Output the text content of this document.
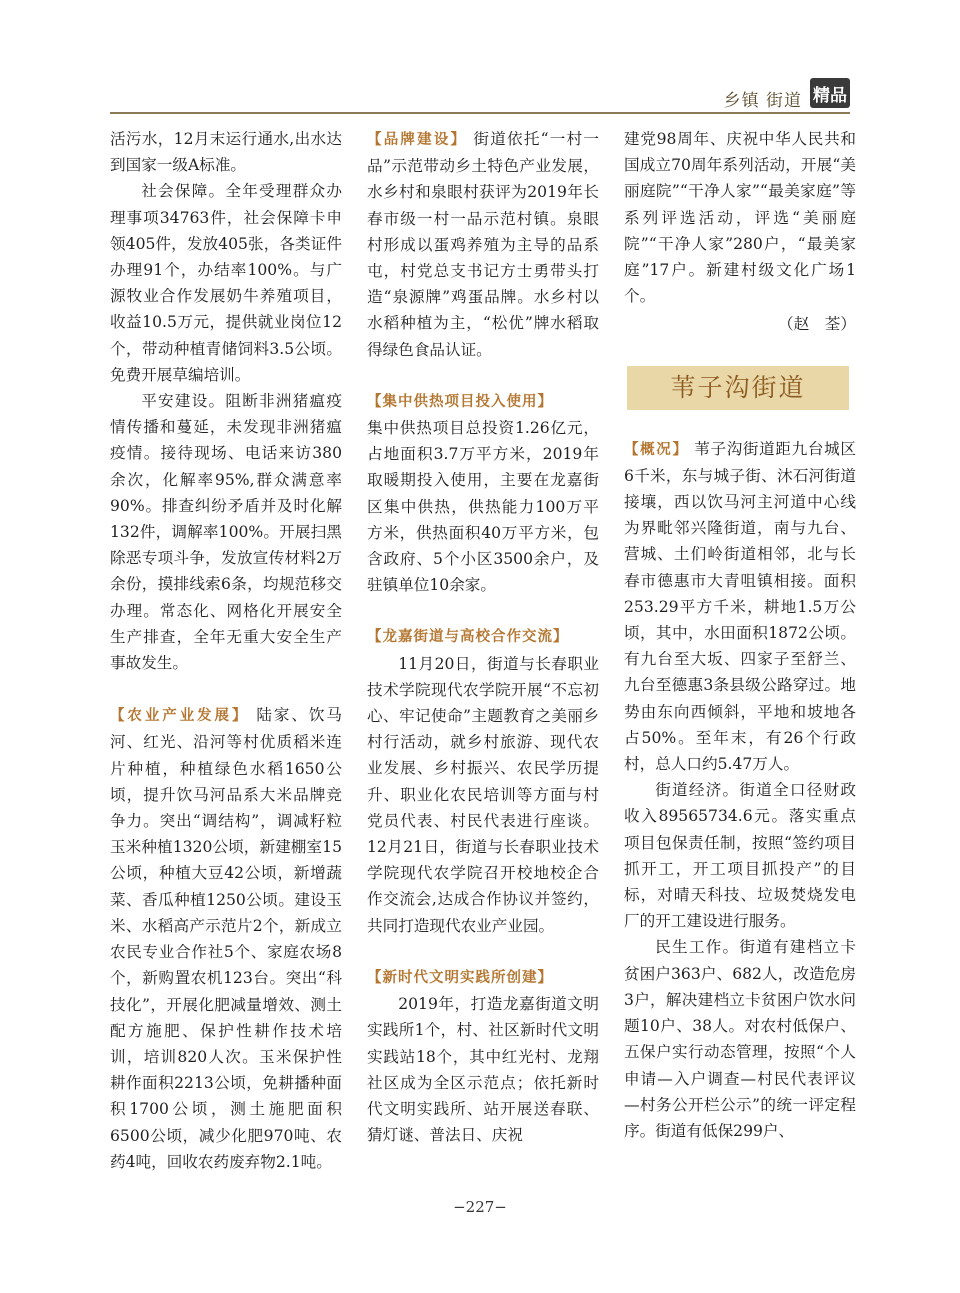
乡镇 街道 精品

活污水，12月末运行通水,出水达到国家一级A标准。

社会保障。全年受理群众办理事项34763件，社会保障卡申领405件，发放405张，各类证件办理91个，办结率100%。与广源牧业合作发展奶牛养殖项目，收益10.5万元，提供就业岗位12个，带动种植青储饲料3.5公顷。免费开展草编培训。

平安建设。阻断非洲猪瘟疫情传播和蔓延，未发现非洲猪瘟疫情。接待现场、电话来访380余次，化解率95%,群众满意率90%。排查纠纷矛盾并及时化解132件，调解率100%。开展扫黑除恶专项斗争，发放宣传材料2万余份，摸排线索6条，均规范移交办理。常态化、网格化开展安全生产排查，全年无重大安全生产事故发生。

【农业产业发展】 陆家、饮马河、红光、沿河等村优质稻米连片种植，种植绿色水稻1650公顷，提升饮马河品系大米品牌竞争力。突出“调结构”，调减籽粒玉米种植1320公顷，新建棚室15公顷，种植大豆42公顷，新增蔬菜、香瓜种植1250公顷。建设玉米、水稻高产示范片2个，新成立农民专业合作社5个、家庭农场8个，新购置农机123台。突出“科技化”，开展化肥减量增效、测土配方施肥、保护性耕作技术培训，培训820人次。玉米保护性耕作面积2213公顷，免耕播种面积1700公顷，测土施肥面积6500公顷，减少化肥970吨、农药4吨，回收农药废弃物2.1吨。

【品牌建设】 街道依托“一村一品”示范带动乡土特色产业发展，水乡村和泉眼村获评为2019年长春市级一村一品示范村镇。泉眼村形成以蛋鸡养殖为主导的品系屯，村党总支书记方士勇带头打造“泉源牌”鸡蛋品牌。水乡村以水稻种植为主，“松优”牌水稻取得绿色食品认证。

【集中供热项目投入使用】

集中供热项目总投资1.26亿元，占地面积3.7万平方米，2019年取暖期投入使用，主要在龙嘉街区集中供热，供热能力100万平方米，供热面积40万平方米，包含政府、5个小区3500余户，及驻镇单位10余家。

【龙嘉街道与高校合作交流】

11月20日，街道与长春职业技术学院现代农学院开展“不忘初心、牢记使命”主题教育之美丽乡村行活动，就乡村旅游、现代农业发展、乡村振兴、农民学历提升、职业化农民培训等方面与村党员代表、村民代表进行座谈。12月21日，街道与长春职业技术学院现代农学院召开校地校企合作交流会,达成合作协议并签约，共同打造现代农业产业园。

【新时代文明实践所创建】

2019年，打造龙嘉街道文明实践所1个，村、社区新时代文明实践站18个，其中红光村、龙翔社区成为全区示范点；依托新时代文明实践所、站开展送春联、猜灯谜、普法日、庆祝

建党98周年、庆祝中华人民共和国成立70周年系列活动，开展“美丽庭院”“干净人家”“最美家庭”等系列评选活动，评选“美丽庭院”“干净人家”280户，“最美家庭”17户。新建村级文化广场1个。

（赵　荃）

苇子沟街道

【概况】 苇子沟街道距九台城区6千米，东与城子街、沐石河街道接壤，西以饮马河主河道中心线为界毗邻兴隆街道，南与九台、营城、土们岭街道相邻，北与长春市德惠市大青咀镇相接。面积253.29平方千米，耕地1.5万公顷，其中，水田面积1872公顷。有九台至大坂、四家子至舒兰、九台至德惠3条县级公路穿过。地势由东向西倾斜，平地和坡地各占50%。至年末，有26个行政村，总人口约5.47万人。

街道经济。街道全口径财政收入89565734.6元。落实重点项目包保责任制，按照“签约项目抓开工，开工项目抓投产”的目标，对晴天科技、垃圾焚烧发电厂的开工建设进行服务。

民生工作。街道有建档立卡贫困户363户、682人，改造危房3户，解决建档立卡贫困户饮水问题10户、38人。对农村低保户、五保户实行动态管理，按照“个人申请—入户调查—村民代表评议—村务公开栏公示”的统一评定程序。街道有低保299户、

−227−
